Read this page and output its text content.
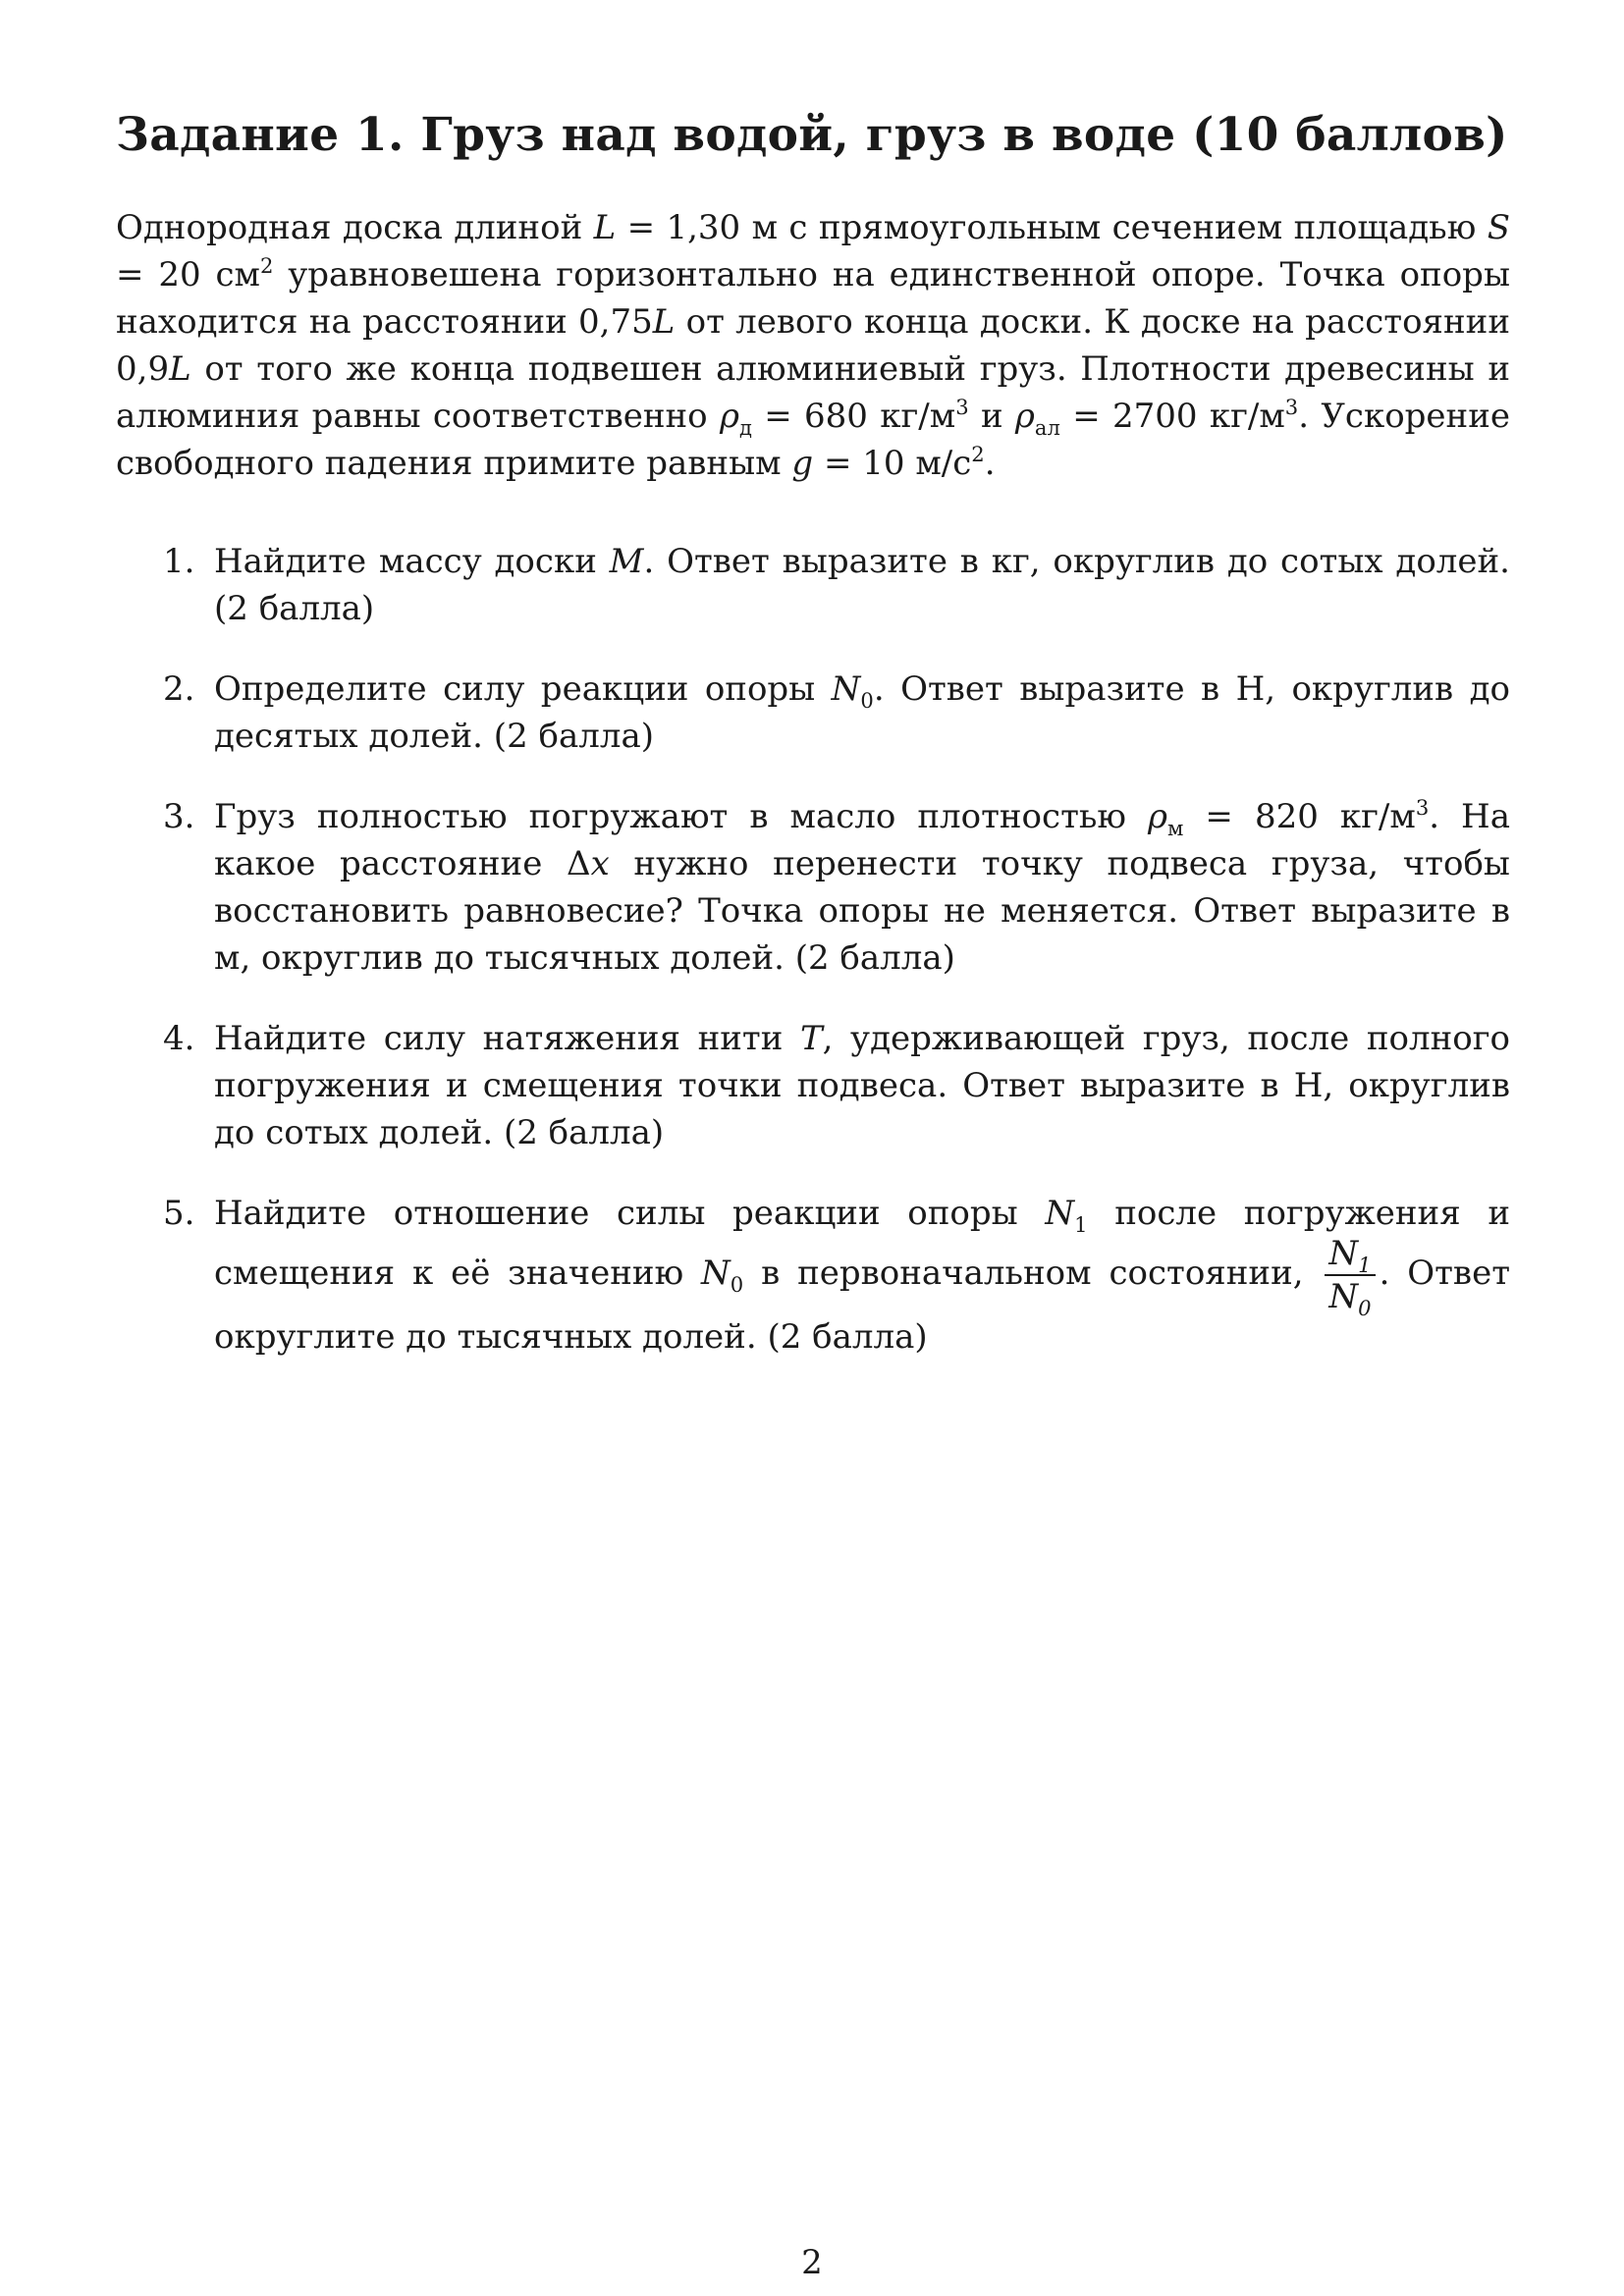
Задание 1. Груз над водой, груз в воде (10 баллов)

Однородная доска длиной L = 1,30 м с прямоугольным сечением площадью S = 20 $см^2$ уравновешена горизонтально на единственной опоре. Точка опоры находится на расстоянии 0,75L от левого конца доски. К доске на расстоянии 0,9L от того же конца подвешен алюминиевый груз. Плотности древесины и алюминия равны соответственно $\rho_д = 680$ $кг/м^3$ и $\rho_{ал} = 2700$ $кг/м^3$. Ускорение свободного падения примите равным g = 10 $м/с^2$.

1. Найдите массу доски M. Ответ выразите в кг, округлив до сотых долей. (2 балла)
2. Определите силу реакции опоры $N_0$. Ответ выразите в Н, округлив до десятых долей. (2 балла)
3. Груз полностью погружают в масло плотностью $\rho_м = 820$ $кг/м^3$. На какое расстояние Δx нужно перенести точку подвеса груза, чтобы восстановить равновесие? Точка опоры не меняется. Ответ выразите в м, округлив до тысячных долей. (2 балла)
4. Найдите силу натяжения нити T, удерживающей груз, после полного погружения и смещения точки подвеса. Ответ выразите в Н, округлив до сотых долей. (2 балла)
5. Найдите отношение силы реакции опоры $N_1$ после погружения и смещения к её значению $N_0$ в первоначальном состоянии, $\frac{N_1}{N_0}$ . Ответ округлите до тысячных долей. (2 балла)
2
